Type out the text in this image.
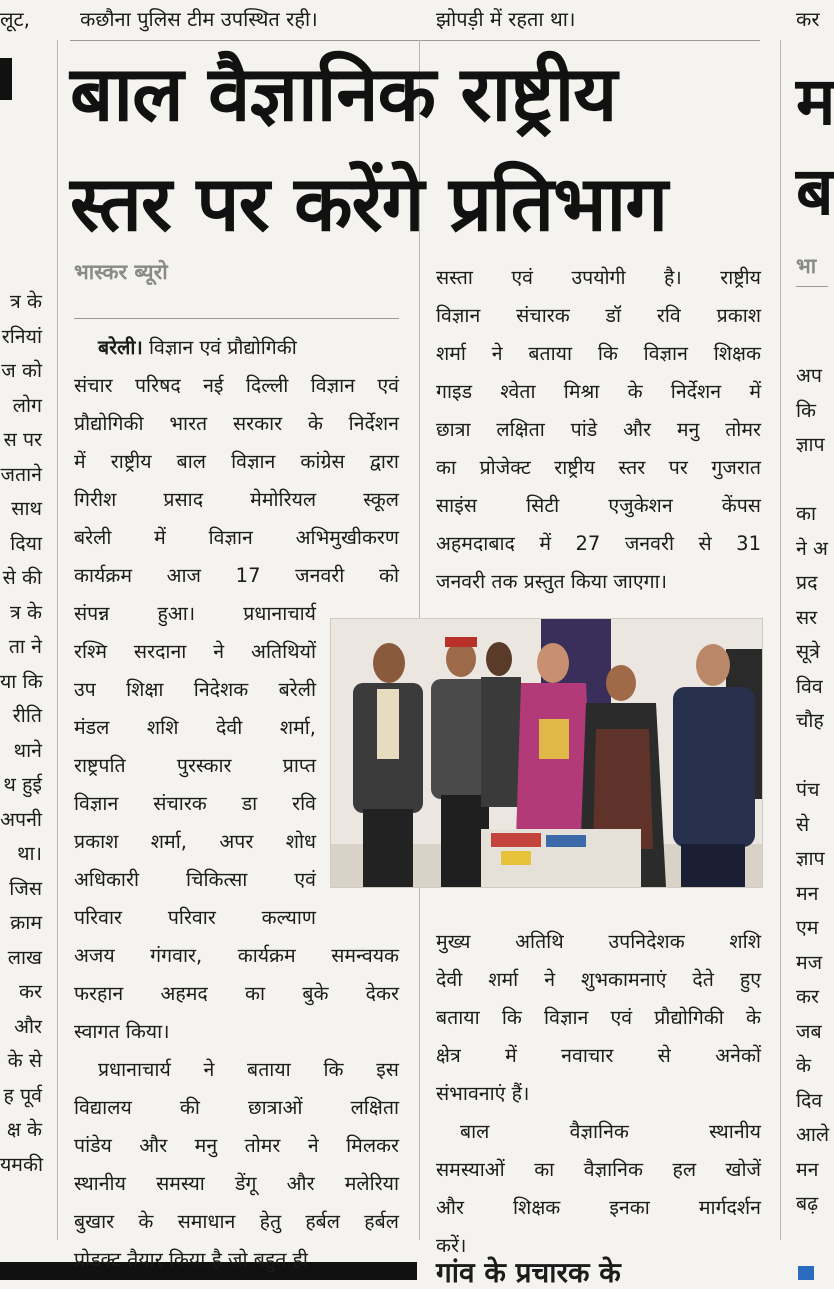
लूट,	कछौना पुलिस टीम उपस्थित रही।	झोपड़ी में रहता था।	कर
म
ब
भा
बाल वैज्ञानिक राष्ट्रीय
स्तर पर करेंगे प्रतिभाग
भास्कर ब्यूरो
बरेली। विज्ञान एवं प्रौद्योगिकी
गांव के प्रचारक के
संचार परिषद नई दिल्ली विज्ञान एवं
प्रौद्योगिकी भारत सरकार के निर्देशन
में राष्ट्रीय बाल विज्ञान कांग्रेस द्वारा
गिरीश प्रसाद मेमोरियल स्कूल
बरेली में विज्ञान अभिमुखीकरण
कार्यक्रम आज 17 जनवरी को
संपन्न हुआ। प्रधानाचार्य
रश्मि सरदाना ने अतिथियों
उप शिक्षा निदेशक बरेली
मंडल शशि देवी शर्मा,
राष्ट्रपति पुरस्कार प्राप्त
विज्ञान संचारक डा रवि
प्रकाश शर्मा, अपर शोध
अधिकारी चिकित्सा एवं
परिवार परिवार कल्याण
अजय गंगवार, कार्यक्रम समन्वयक
फरहान अहमद का बुके देकर
स्वागत किया।
प्रधानाचार्य ने बताया कि इस
विद्यालय की छात्राओं लक्षिता
पांडेय और मनु तोमर ने मिलकर
स्थानीय समस्या डेंगू और मलेरिया
बुखार के समाधान हेतु हर्बल हर्बल
प्रोडक्ट तैयार किया है जो बहुत ही
सस्ता एवं उपयोगी है। राष्ट्रीय
विज्ञान संचारक डॉ रवि प्रकाश
शर्मा ने बताया कि विज्ञान शिक्षक
गाइड श्वेता मिश्रा के निर्देशन में
छात्रा लक्षिता पांडे और मनु तोमर
का प्रोजेक्ट राष्ट्रीय स्तर पर गुजरात
साइंस सिटी एजुकेशन केंपस
अहमदाबाद में 27 जनवरी से 31
जनवरी तक प्रस्तुत किया जाएगा।
मुख्य अतिथि उपनिदेशक शशि
देवी शर्मा ने शुभकामनाएं देते हुए
बताया कि विज्ञान एवं प्रौद्योगिकी के
क्षेत्र में नवाचार से अनेकों
संभावनाएं हैं।
बाल वैज्ञानिक स्थानीय
समस्याओं का वैज्ञानिक हल खोजें
और शिक्षक इनका मार्गदर्शन
करें।
त्र के
रनियां
ज को
लोग
स पर
जताने
साथ
दिया
से की
त्र के
ता ने
या कि
रीति
थाने
थ हुई
अपनी
था।
जिस
क्राम
लाख
कर
और
के से
ह पूर्व
क्ष के
यमकी
अप
कि
ज्ञाप
का
ने अ
प्रद
सर
सूत्रे
विव
चौह
पंच
से
ज्ञाप
मन
एम
मज
कर
जब
के
दिव
आले
मन
बढ़
